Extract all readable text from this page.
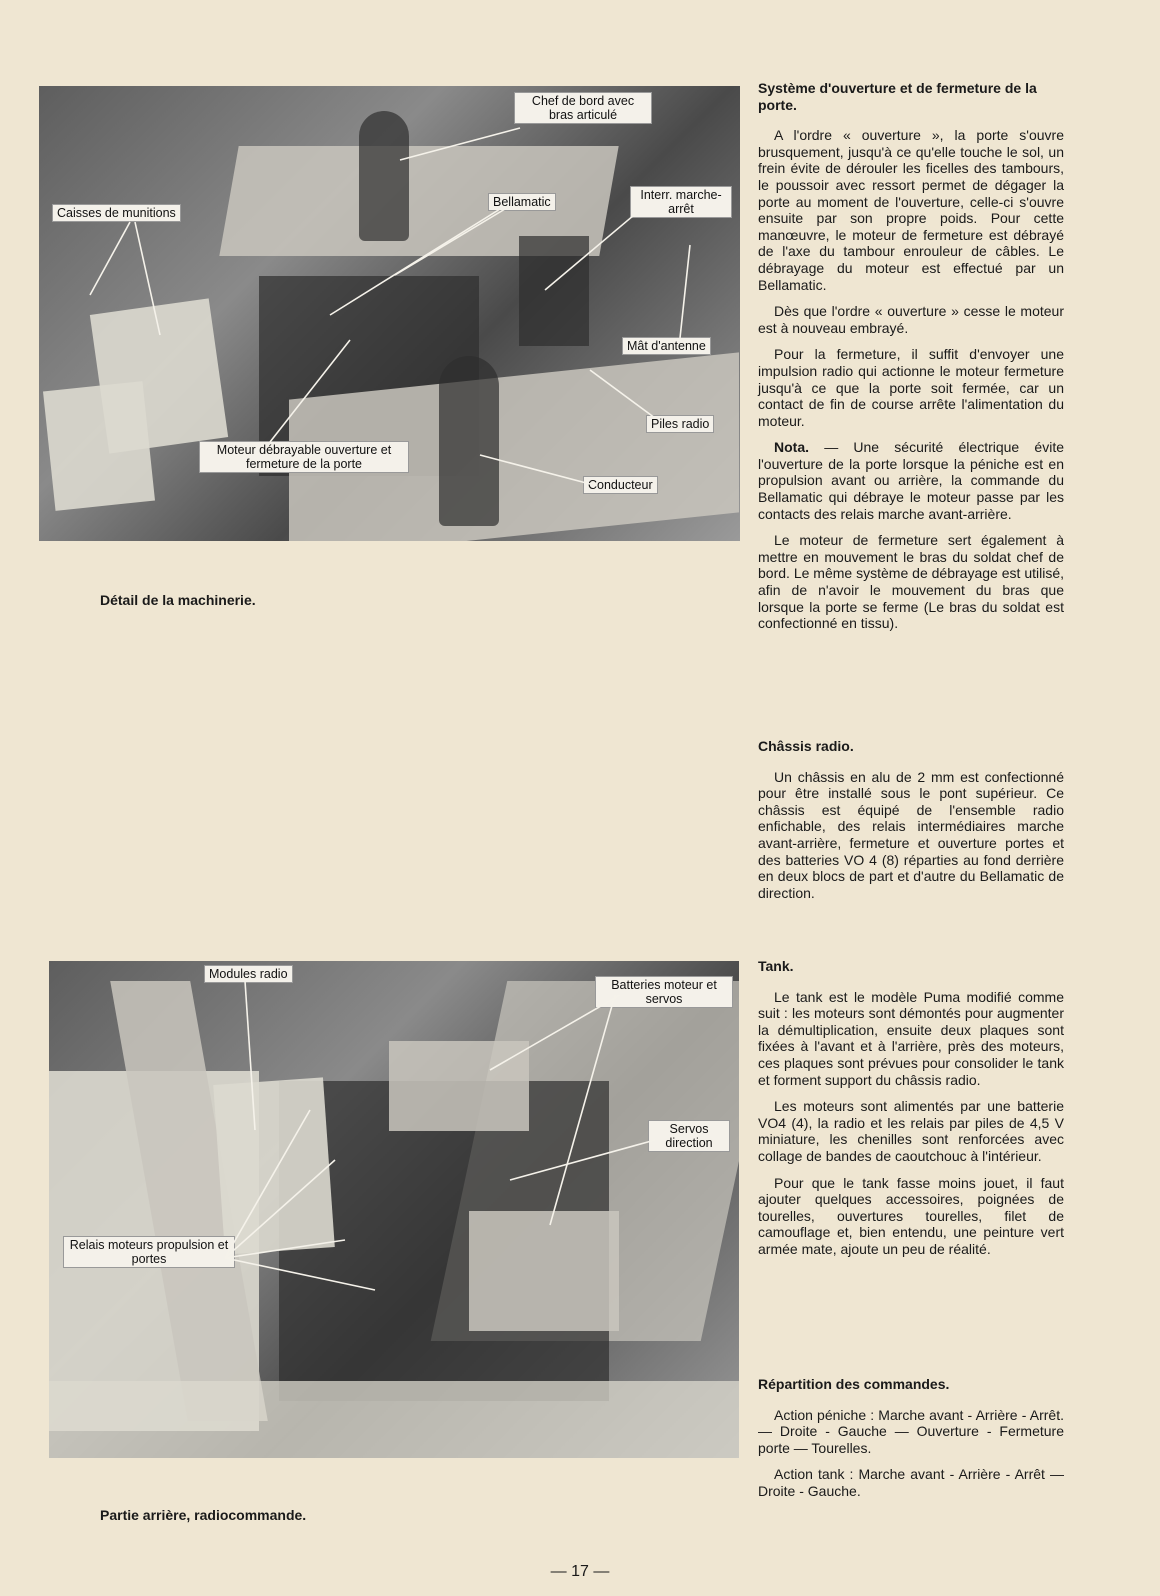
Chef de bord avec bras articulé
Caisses de munitions
Bellamatic	Interr. marche-arrêt
Mât d'antenne
Piles radio
Moteur débrayable ouverture et fermeture de la porte
Conducteur
Détail de la machinerie.
Modules radio
Batteries moteur et servos
Servos direction
Relais moteurs propulsion et portes
Partie arrière, radiocommande.
Système d'ouverture et de fermeture de la porte.

A l'ordre « ouverture », la porte s'ouvre brusquement, jusqu'à ce qu'elle touche le sol, un frein évite de dérouler les ficelles des tambours, le poussoir avec ressort permet de dégager la porte au moment de l'ouverture, celle-ci s'ouvre ensuite par son propre poids. Pour cette manœuvre, le moteur de fermeture est débrayé de l'axe du tambour enrouleur de câbles. Le débrayage du moteur est effectué par un Bellamatic.

Dès que l'ordre « ouverture » cesse le moteur est à nouveau embrayé.

Pour la fermeture, il suffit d'envoyer une impulsion radio qui actionne le moteur fermeture jusqu'à ce que la porte soit fermée, car un contact de fin de course arrête l'alimentation du moteur.

Nota. — Une sécurité électrique évite l'ouverture de la porte lorsque la péniche est en propulsion avant ou arrière, la commande du Bellamatic qui débraye le moteur passe par les contacts des relais marche avant-arrière.

Le moteur de fermeture sert également à mettre en mouvement le bras du soldat chef de bord. Le même système de débrayage est utilisé, afin de n'avoir le mouvement du bras que lorsque la porte se ferme (Le bras du soldat est confectionné en tissu).

Châssis radio.

Un châssis en alu de 2 mm est confectionné pour être installé sous le pont supérieur. Ce châssis est équipé de l'ensemble radio enfichable, des relais intermédiaires marche avant-arrière, fermeture et ouverture portes et des batteries VO 4 (8) réparties au fond derrière en deux blocs de part et d'autre du Bellamatic de direction.

Tank.

Le tank est le modèle Puma modifié comme suit : les moteurs sont démontés pour augmenter la démultiplication, ensuite deux plaques sont fixées à l'avant et à l'arrière, près des moteurs, ces plaques sont prévues pour consolider le tank et forment support du châssis radio.

Les moteurs sont alimentés par une batterie VO4 (4), la radio et les relais par piles de 4,5 V miniature, les chenilles sont renforcées avec collage de bandes de caoutchouc à l'intérieur.

Pour que le tank fasse moins jouet, il faut ajouter quelques accessoires, poignées de tourelles, ouvertures tourelles, filet de camouflage et, bien entendu, une peinture vert armée mate, ajoute un peu de réalité.

Répartition des commandes.

Action péniche : Marche avant - Arrière - Arrêt. — Droite - Gauche — Ouverture - Fermeture porte — Tourelles.

Action tank : Marche avant - Arrière - Arrêt — Droite - Gauche.

— 17 —
